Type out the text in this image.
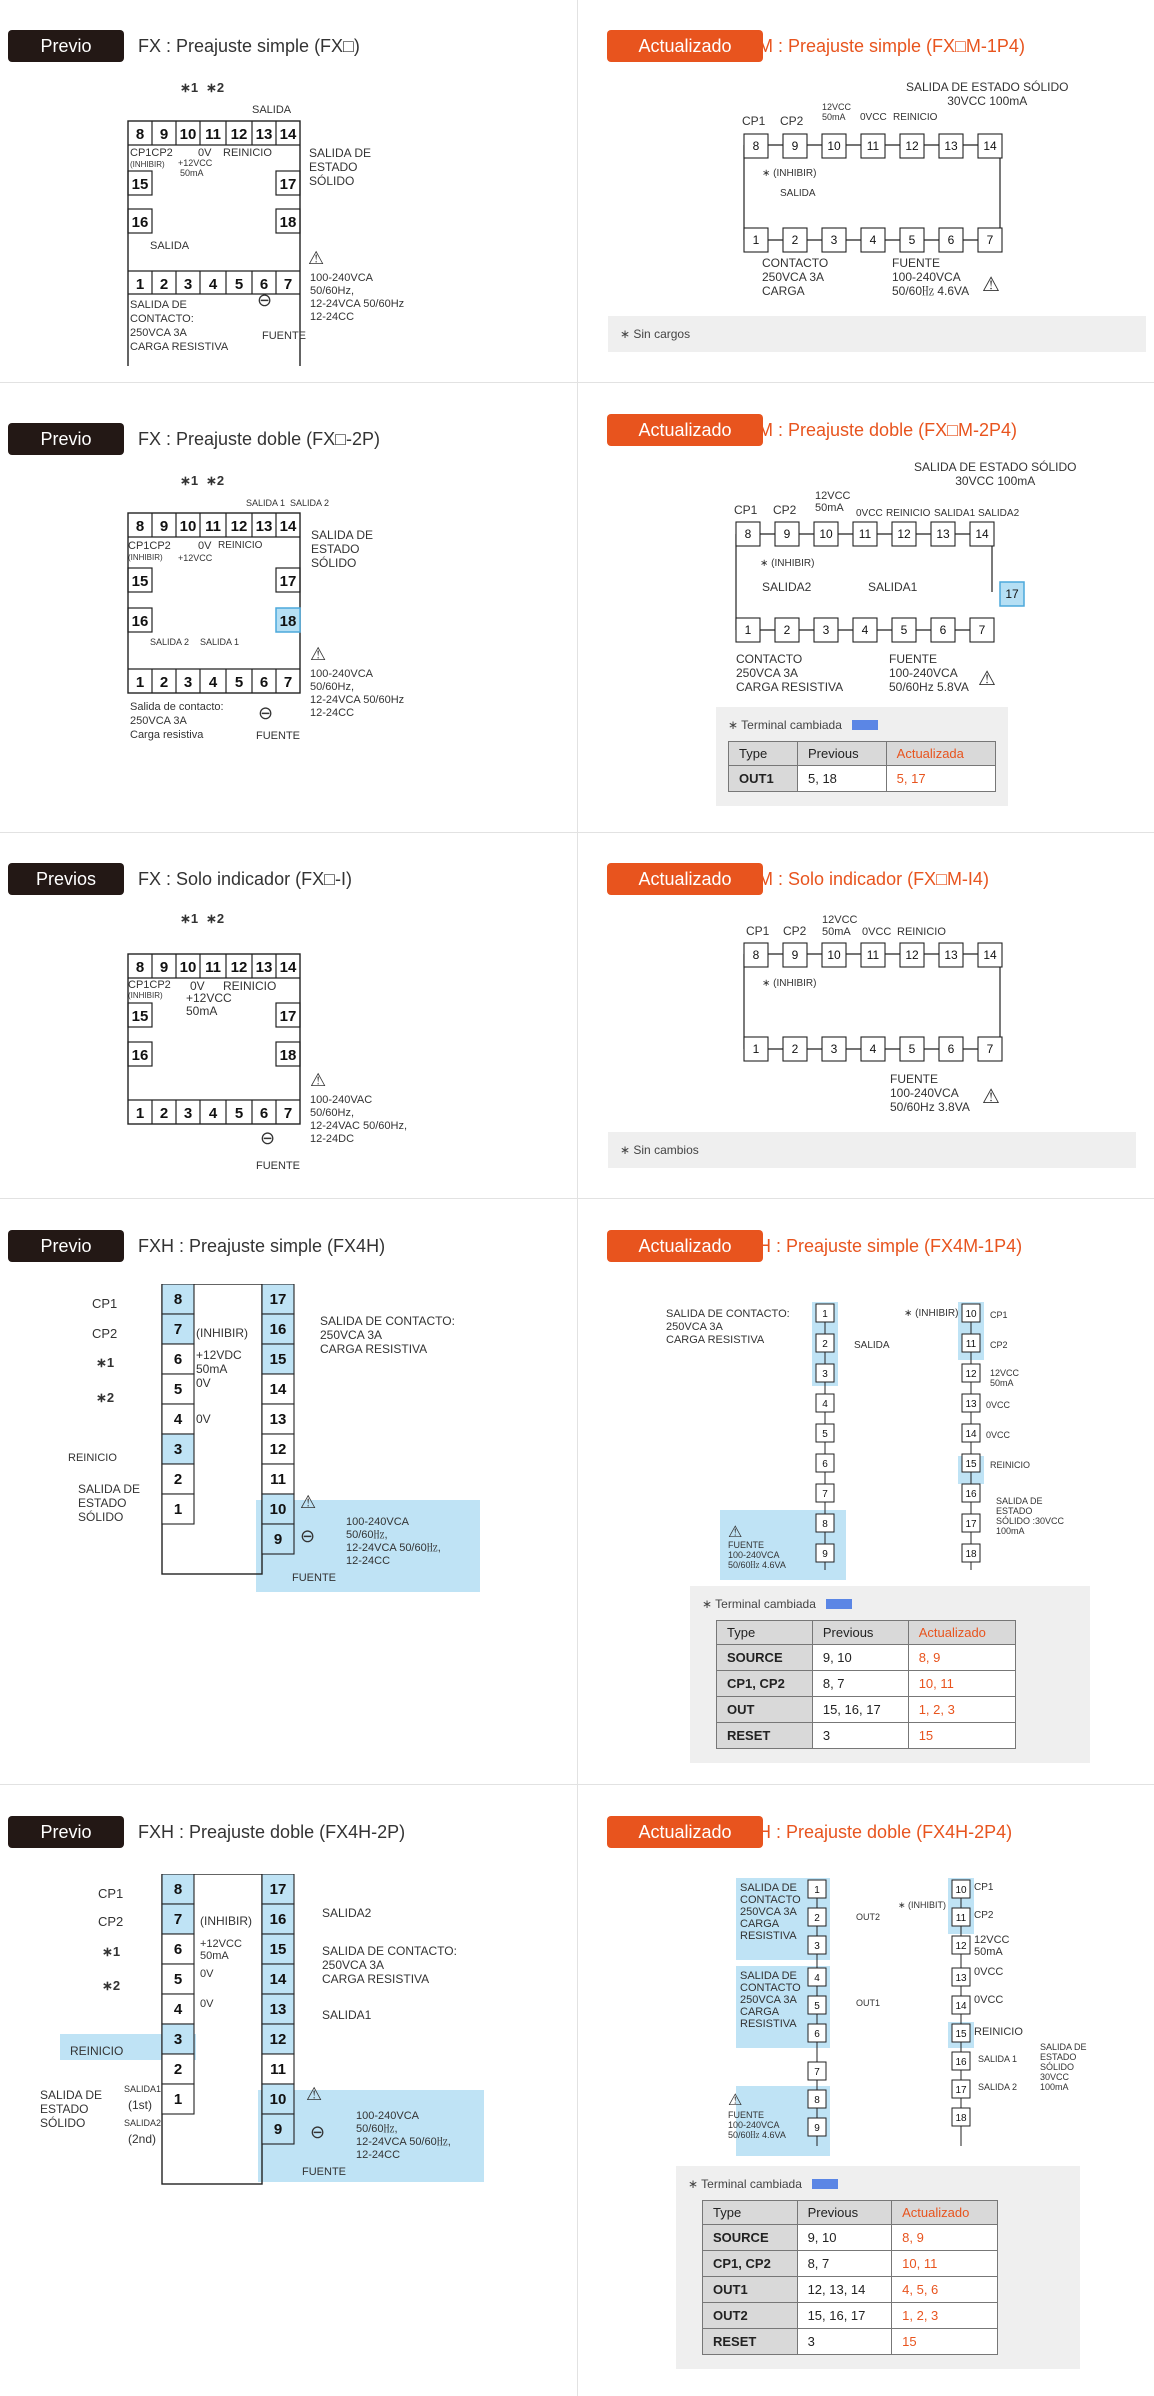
Previo	FX : Preajuste simple (FX□)	Actualizado FXM : Preajuste simple (FX□M-1P4)
8 9 10 11 12 13 14
15
16
17
18
1 2 3 4 5 6 7
∗1 ∗2
SALIDA
CP1CP2
(INHIBIR)
0V REINICIO
+12VCC
50mA
SALIDA DE
ESTADO
SÓLIDO
SALIDA
SALIDA DE
CONTACTO:
250VCA 3A
CARGA RESISTIVA
⚠
100-240VCA
50/60Hz,
12-24VCA 50/60Hz
12-24CC
⊖
FUENTE
8	9 10 11 12 13 14
1	2	3	4	5	6	7
CP1 CP2
12VCC
50mA 0VCC REINICIO
SALIDA DE ESTADO SÓLIDO
30VCC 100mA
∗ (INHIBIR)
SALIDA
CONTACTO
250VCA 3A
CARGA
FUENTE
100-240VCA
50/60㎐ 4.6VA ⚠
∗ Sin cargos
Previo	FX : Preajuste doble (FX□-2P)	Actualizado FXM : Preajuste doble (FX□M-2P4)
8 9 10 11 12 13 14
15
16
17
18
1 2 3 4 5 6 7
∗1 ∗2
SALIDA 1 SALIDA 2
CP1CP2
(INHIBIR)
0V REINICIO
+12VCC
SALIDA DE
ESTADO
SÓLIDO
SALIDA 2 SALIDA 1
Salida de contacto:
250VCA 3A
Carga resistiva
⚠
100-240VCA
50/60Hz,
12-24VCA 50/60Hz
12-24CC
⊖
FUENTE
8	9 10 11 12 13 14
1	2	3	4	5	6	7
17
CP1 CP2
12VCC
50mA 0VCC REINICIO SALIDA1 SALIDA2
SALIDA DE ESTADO SÓLIDO
30VCC 100mA
∗ (INHIBIR)
SALIDA2	SALIDA1
CONTACTO
250VCA 3A
CARGA RESISTIVA
FUENTE
100-240VCA
50/60Hz 5.8VA ⚠
∗ Terminal cambiada
Type	Previous	Actualizada
OUT1	5, 18	5, 17
Previos	FX : Solo indicador (FX□-I)	Actualizado FXM : Solo indicador (FX□M-I4)
8 9 10 11 12 13 14
15
16
17
18
1 2 3 4 5 6 7
∗1 ∗2
CP1CP2
(INHIBIR)
0V REINICIO
+12VCC
50mA
⚠
100-240VAC
50/60Hz,
12-24VAC 50/60Hz,
12-24DC
⊖
FUENTE
8	9 10 11 12 13 14
1	2	3	4	5	6	7
CP1 CP2
12VCC
50mA 0VCC REINICIO
∗ (INHIBIR)
FUENTE
100-240VCA
50/60Hz 3.8VA ⚠
∗ Sin cambios
Previo	FXH : Preajuste simple (FX4H)	Actualizado FXH : Preajuste simple (FX4M-1P4)
8
7
6
5
4
3
2
1
17
16
15
14
13
12
11
10
9
CP1
CP2
∗1
∗2
REINICIO
SALIDA DE
ESTADO
SÓLIDO
(INHIBIR)
+12VDC
50mA
0V
0V
SALIDA DE CONTACTO:
250VCA 3A
CARGA RESISTIVA
⚠
100-240VCA
50/60㎐,
12-24VCA 50/60㎐,
12-24CC
⊖
FUENTE
1
2
3
4
5
6
7
8
9
10
11
12
13
14
15
16
17
18
SALIDA DE CONTACTO:
250VCA 3A
CARGA RESISTIVA	SALIDA
∗ (INHIBIR)	CP1
CP2
12VCC
50mA
0VCC
0VCC
REINICIO
SALIDA DE
ESTADO
SÓLIDO :30VCC
100mA
⚠
FUENTE
100-240VCA
50/60㎐ 4.6VA
∗ Terminal cambiada
Type	Previous	Actualizado
SOURCE	9, 10	8, 9
CP1, CP2	8, 7	10, 11
OUT	15, 16, 17	1, 2, 3
RESET	3	15
Previo	FXH : Preajuste doble (FX4H-2P)	Actualizado FXH : Preajuste doble (FX4H-2P4)
8
7
6
5
4
3
2
1
17
16
15
14
13
12
11
10
9
CP1
CP2
∗1
∗2
REINICIO
SALIDA DE
ESTADO
SÓLIDO
SALIDA1
(1st)
SALIDA2
(2nd)
(INHIBIR)
+12VCC
50mA
0V
0V
SALIDA2
SALIDA DE CONTACTO:
250VCA 3A
CARGA RESISTIVA
SALIDA1
⚠
100-240VCA
50/60㎐,
12-24VCA 50/60㎐,
12-24CC
⊖
FUENTE
1
2
3
4
5
6
7
8
9
10
11
12
13
14
15
16
17
18
SALIDA DE
CONTACTO
250VCA 3A
CARGA
RESISTIVA
SALIDA DE
CONTACTO
250VCA 3A
CARGA
RESISTIVA
OUT2
OUT1
∗ (INHIBIT)
CP2
CP1
12VCC
50mA
0VCC
0VCC
REINICIO
SALIDA 1
SALIDA 2
SALIDA DE
ESTADO
SÓLIDO
30VCC
100mA
⚠
FUENTE
100-240VCA
50/60㎐ 4.6VA
∗ Terminal cambiada
Type	Previous	Actualizado
SOURCE	9, 10	8, 9
CP1, CP2	8, 7	10, 11
OUT1	12, 13, 14	4, 5, 6
OUT2	15, 16, 17	1, 2, 3
RESET	3	15
